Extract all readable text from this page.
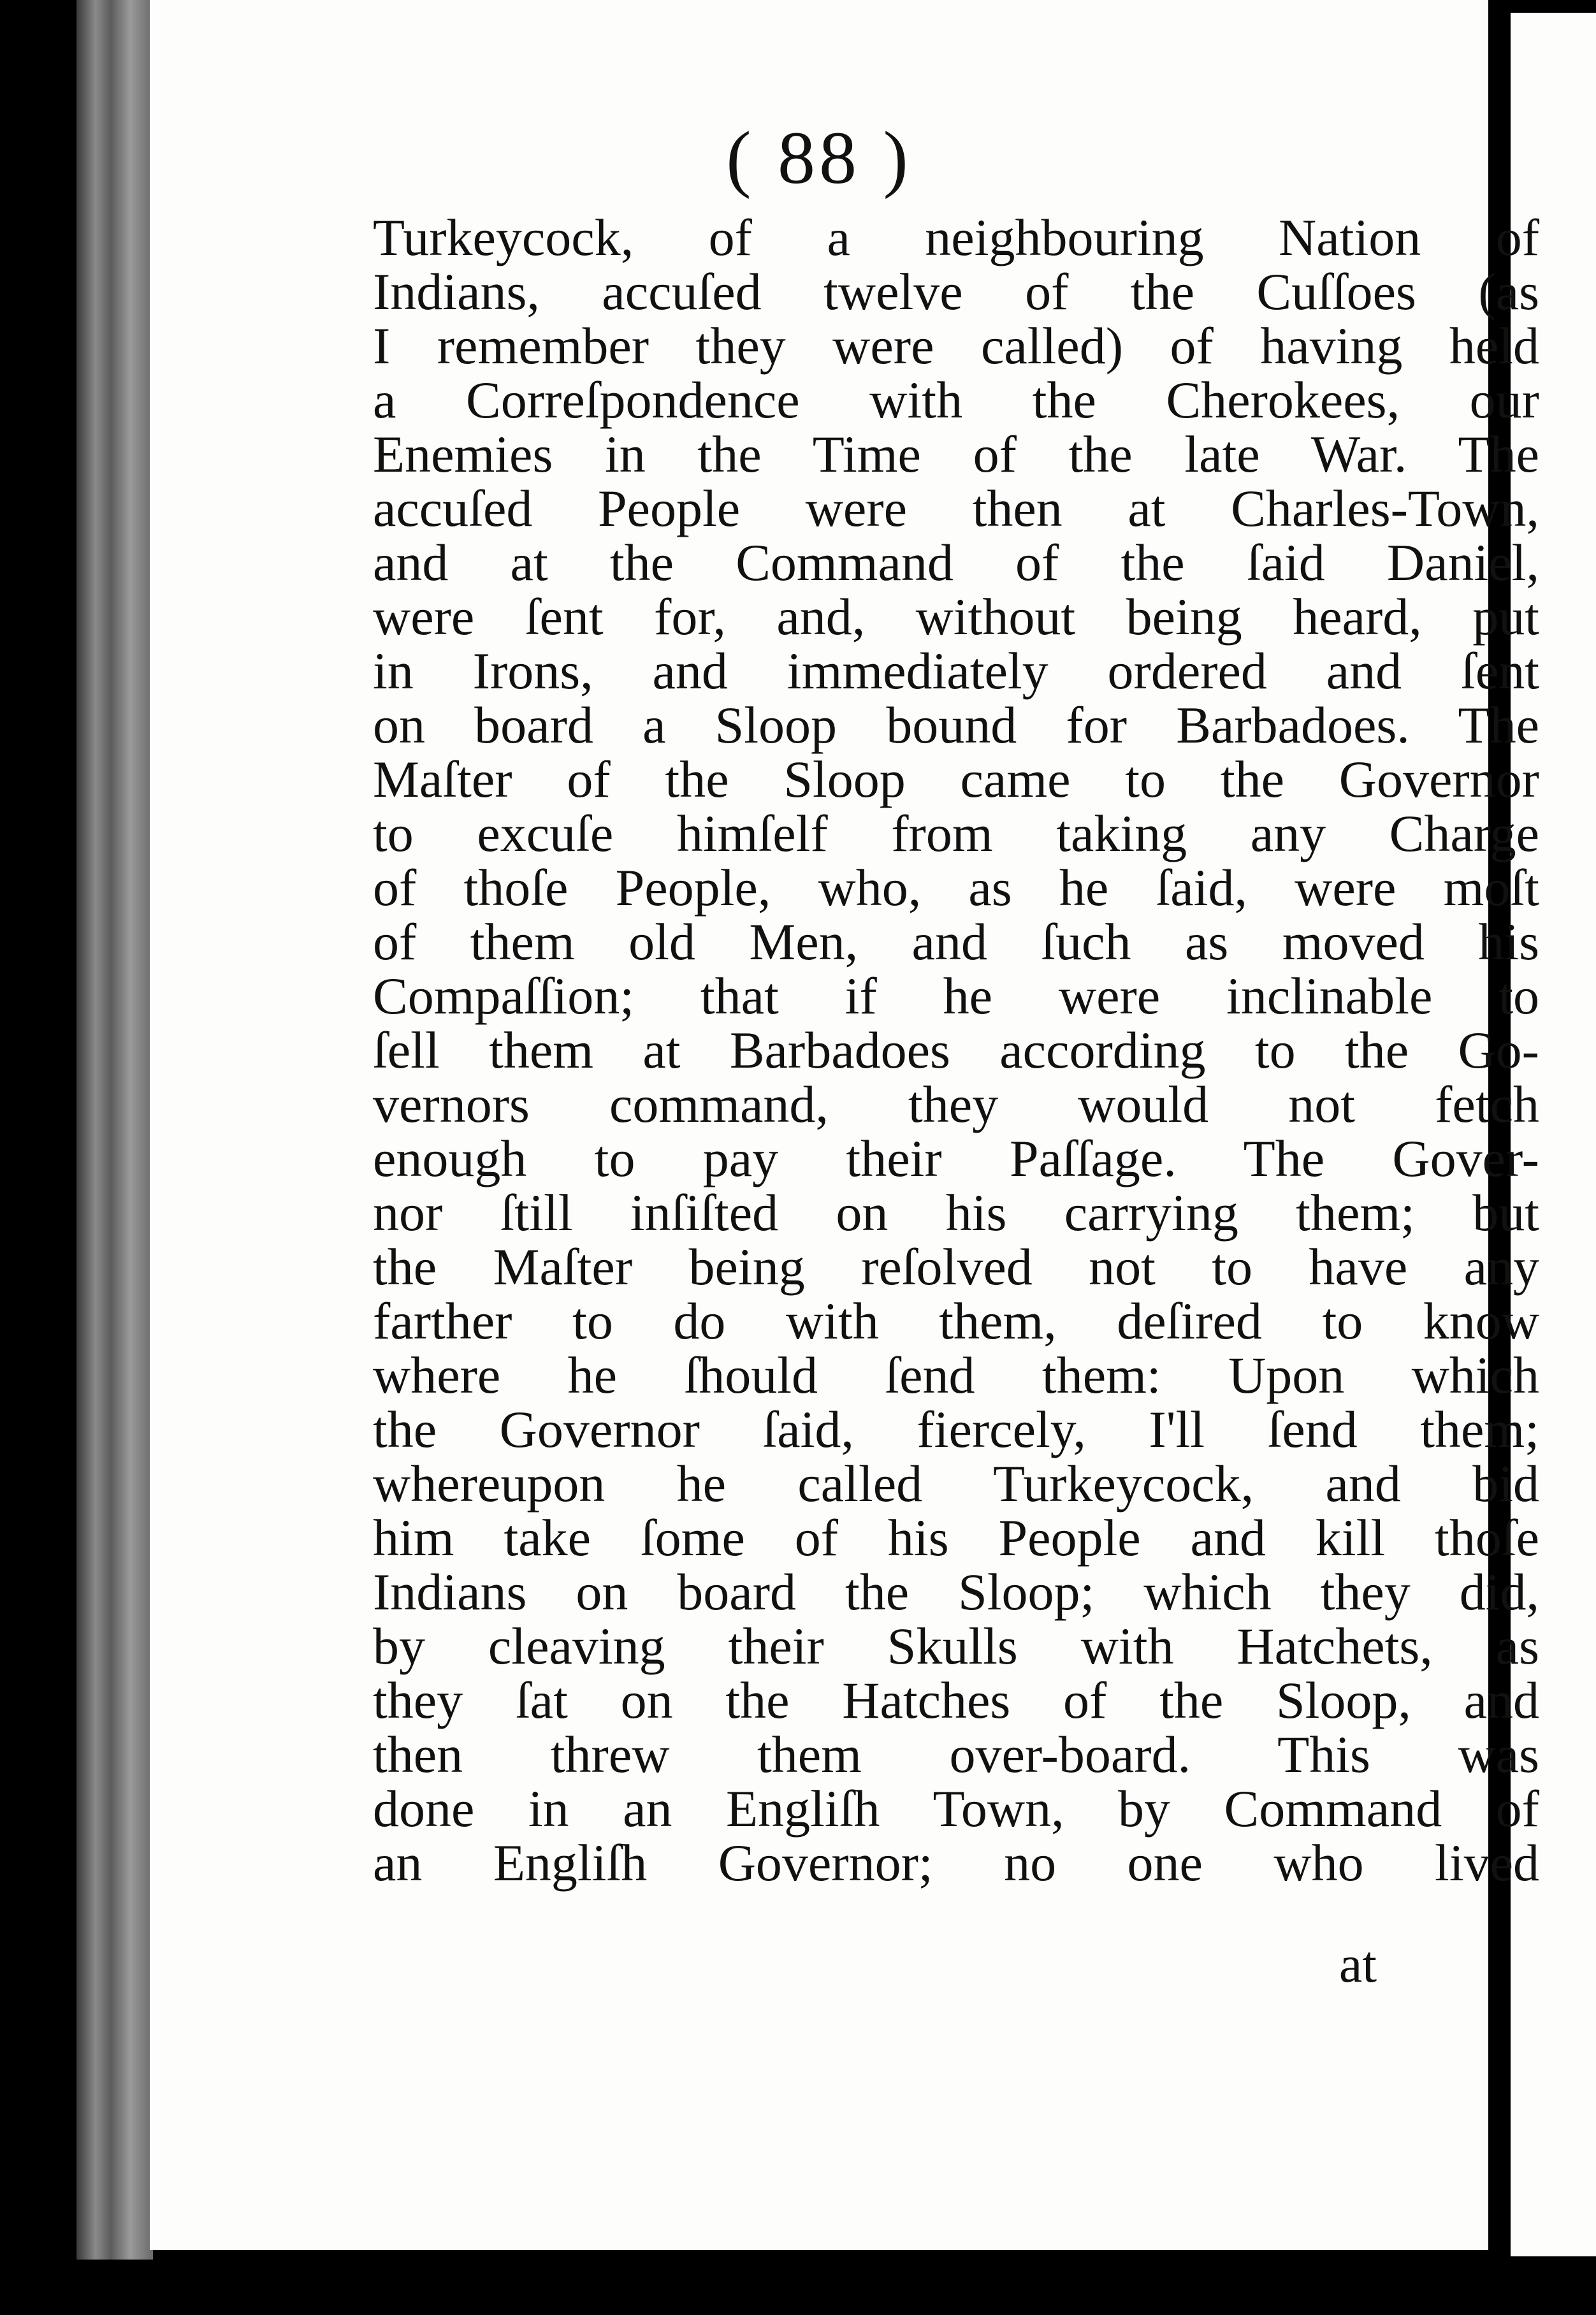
( 88 )
Turkeycock, of a neighbouring Nation of
Indians, accuſed twelve of the Cuſſoes (as
I remember they were called) of having held
a Correſpondence with the Cherokees, our
Enemies in the Time of the late War. The
accuſed People were then at Charles-Town,
and at the Command of the ſaid Daniel,
were ſent for, and, without being heard, put
in Irons, and immediately ordered and ſent
on board a Sloop bound for Barbadoes. The
Maſter of the Sloop came to the Governor
to excuſe himſelf from taking any Charge
of thoſe People, who, as he ſaid, were moſt
of them old Men, and ſuch as moved his
Compaſſion; that if he were inclinable to
ſell them at Barbadoes according to the Go-
vernors command, they would not fetch
enough to pay their Paſſage. The Gover-
nor ſtill inſiſted on his carrying them; but
the Maſter being reſolved not to have any
farther to do with them, deſired to know
where he ſhould ſend them: Upon which
the Governor ſaid, fiercely, I'll ſend them;
whereupon he called Turkeycock, and bid
him take ſome of his People and kill thoſe
Indians on board the Sloop; which they did,
by cleaving their Skulls with Hatchets, as
they ſat on the Hatches of the Sloop, and
then threw them over-board. This was
done in an Engliſh Town, by Command of
an Engliſh Governor; no one who lived
at
